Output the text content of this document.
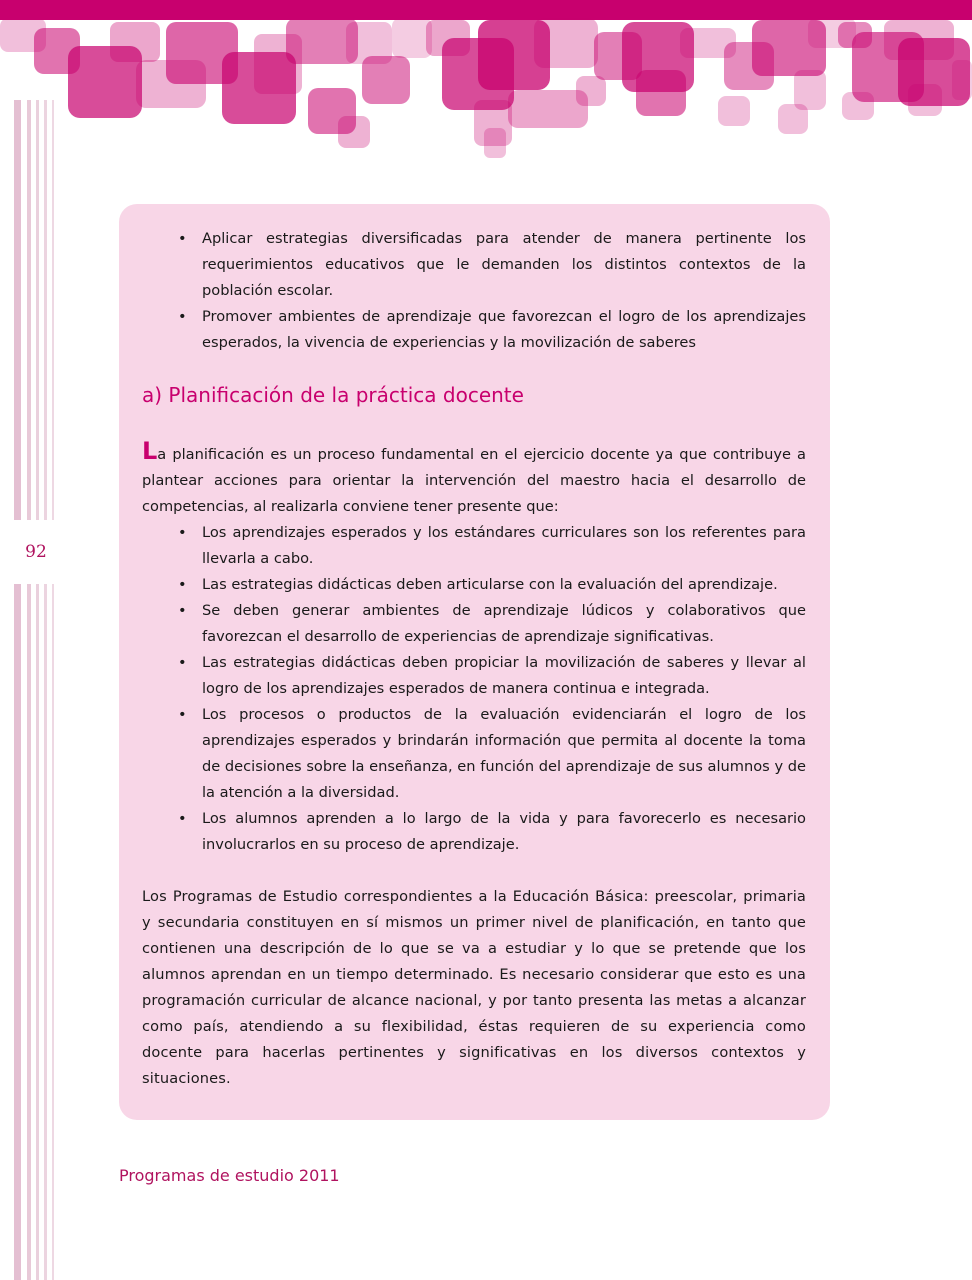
92
• Aplicar estrategias diversificadas para atender de manera pertinente los requerimientos educativos que le demanden los distintos contextos de la población escolar.
• Promover ambientes de aprendizaje que favorezcan el logro de los aprendizajes esperados, la vivencia de experiencias y la movilización de saberes
a) Planificación de la práctica docente

La planificación es un proceso fundamental en el ejercicio docente ya que contribuye a plantear acciones para orientar la intervención del maestro hacia el desarrollo de competencias, al realizarla conviene tener presente que:

• Los aprendizajes esperados y los estándares curriculares son los referentes para llevarla a cabo.
• Las estrategias didácticas deben articularse con la evaluación del aprendizaje.
• Se deben generar ambientes de aprendizaje lúdicos y colaborativos que favorezcan el desarrollo de experiencias de aprendizaje significativas.
• Las estrategias didácticas deben propiciar la movilización de saberes y llevar al logro de los aprendizajes esperados de manera continua e integrada.
• Los procesos o productos de la evaluación evidenciarán el logro de los aprendizajes esperados y brindarán información que permita al docente la toma de decisiones sobre la enseñanza, en función del aprendizaje de sus alumnos y de la atención a la diversidad.
• Los alumnos aprenden a lo largo de la vida y para favorecerlo es necesario involucrarlos en su proceso de aprendizaje.

Los Programas de Estudio correspondientes a la Educación Básica: preescolar, primaria y secundaria constituyen en sí mismos un primer nivel de planificación, en tanto que contienen una descripción de lo que se va a estudiar y lo que se pretende que los alumnos aprendan en un tiempo determinado. Es necesario considerar que esto es una programación curricular de alcance nacional, y por tanto presenta las metas a alcanzar como país, atendiendo a su flexibilidad, éstas requieren de su experiencia como docente para hacerlas pertinentes y significativas en los diversos contextos y situaciones.

Programas de estudio 2011
